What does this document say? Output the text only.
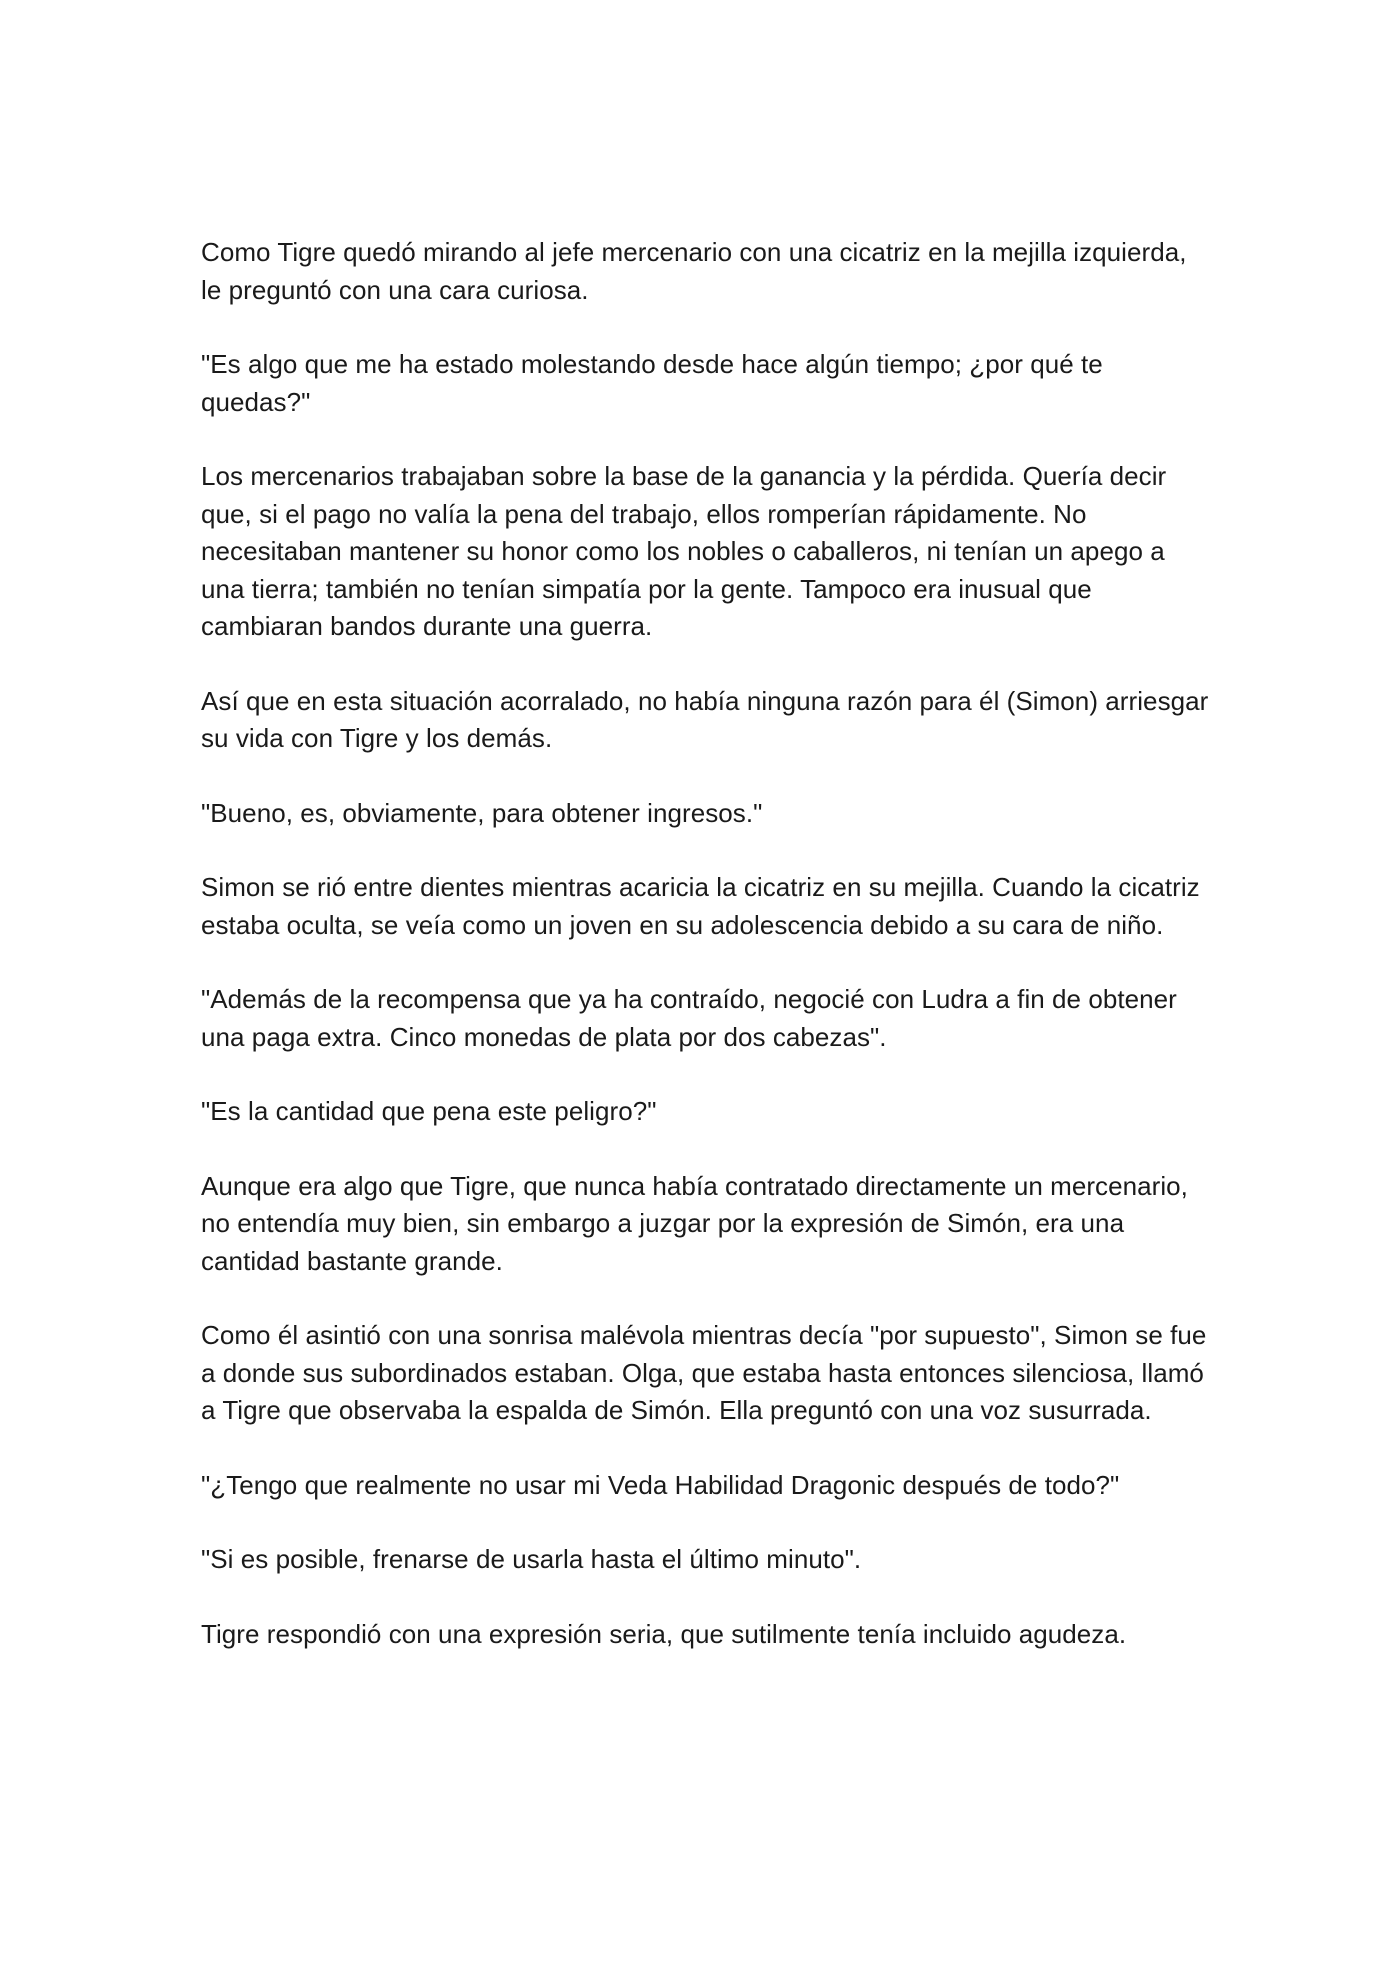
Como Tigre quedó mirando al jefe mercenario con una cicatriz en la mejilla izquierda, le preguntó con una cara curiosa.

"Es algo que me ha estado molestando desde hace algún tiempo; ¿por qué te quedas?"

Los mercenarios trabajaban sobre la base de la ganancia y la pérdida. Quería decir que, si el pago no valía la pena del trabajo, ellos romperían rápidamente. No necesitaban mantener su honor como los nobles o caballeros, ni tenían un apego a una tierra; también no tenían simpatía por la gente. Tampoco era inusual que cambiaran bandos durante una guerra.

Así que en esta situación acorralado, no había ninguna razón para él (Simon) arriesgar su vida con Tigre y los demás.

"Bueno, es, obviamente, para obtener ingresos."

Simon se rió entre dientes mientras acaricia la cicatriz en su mejilla. Cuando la cicatriz estaba oculta, se veía como un joven en su adolescencia debido a su cara de niño.

"Además de la recompensa que ya ha contraído, negocié con Ludra a fin de obtener una paga extra. Cinco monedas de plata por dos cabezas".

"Es la cantidad que pena este peligro?"

Aunque era algo que Tigre, que nunca había contratado directamente un mercenario, no entendía muy bien, sin embargo a juzgar por la expresión de Simón, era una cantidad bastante grande.

Como él asintió con una sonrisa malévola mientras decía "por supuesto", Simon se fue a donde sus subordinados estaban. Olga, que estaba hasta entonces silenciosa, llamó a Tigre que observaba la espalda de Simón. Ella preguntó con una voz susurrada.

"¿Tengo que realmente no usar mi Veda Habilidad Dragonic después de todo?"

"Si es posible, frenarse de usarla hasta el último minuto".

Tigre respondió con una expresión seria, que sutilmente tenía incluido agudeza.
